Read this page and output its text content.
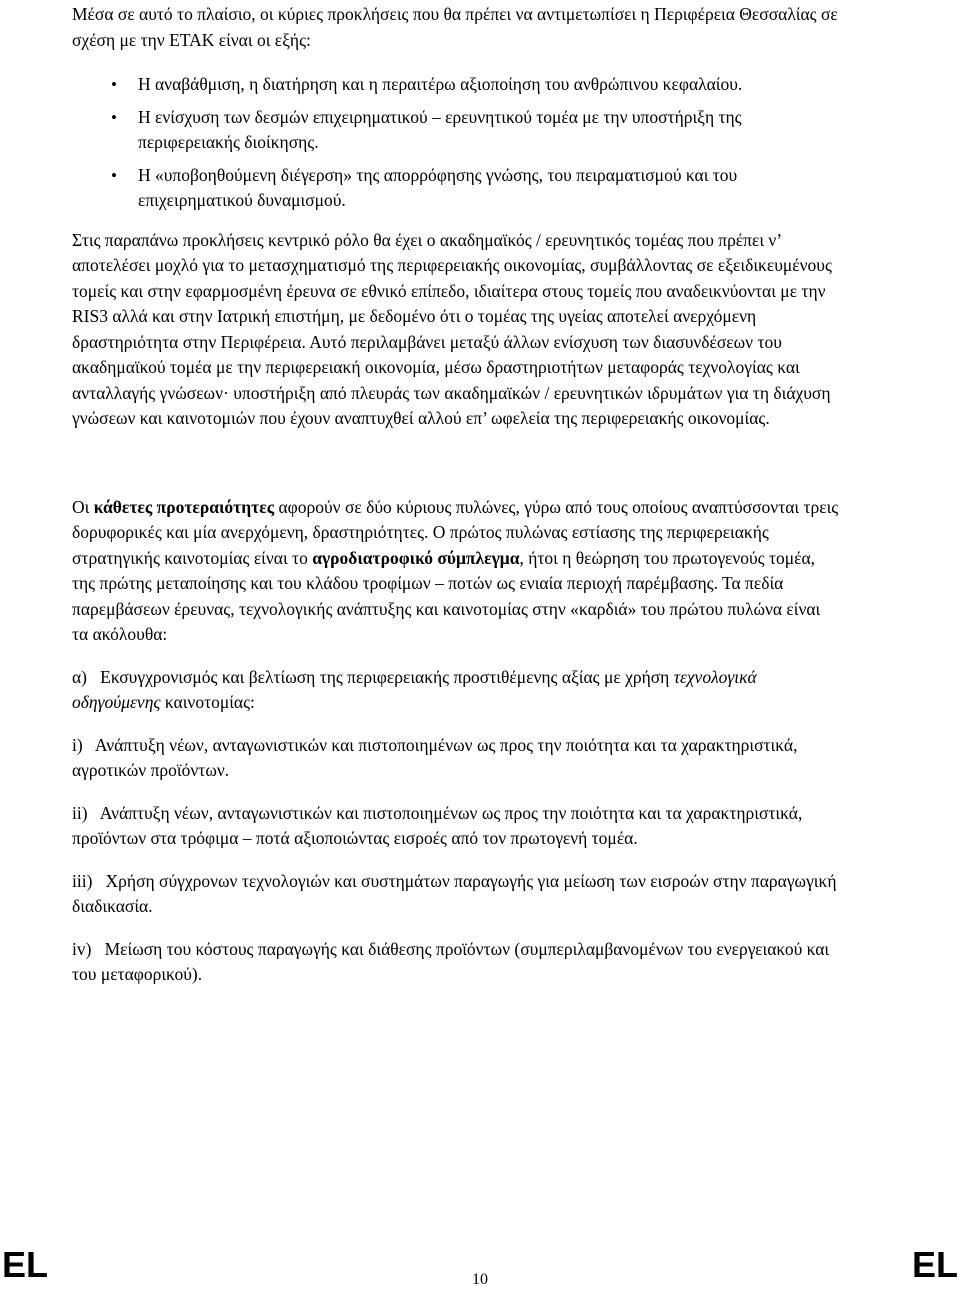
Μέσα σε αυτό το πλαίσιο, οι κύριες προκλήσεις που θα πρέπει να αντιμετωπίσει η Περιφέρεια Θεσσαλίας σε σχέση με την ΕΤΑΚ είναι οι εξής:

• Η αναβάθμιση, η διατήρηση και η περαιτέρω αξιοποίηση του ανθρώπινου κεφαλαίου.
• Η ενίσχυση των δεσμών επιχειρηματικού – ερευνητικού τομέα με την υποστήριξη της περιφερειακής διοίκησης.
• Η «υποβοηθούμενη διέγερση» της απορρόφησης γνώσης, του πειραματισμού και του επιχειρηματικού δυναμισμού.

Στις παραπάνω προκλήσεις κεντρικό ρόλο θα έχει ο ακαδημαϊκός / ερευνητικός τομέας που πρέπει ν’ αποτελέσει μοχλό για το μετασχηματισμό της περιφερειακής οικονομίας, συμβάλλοντας σε εξειδικευμένους τομείς και στην εφαρμοσμένη έρευνα σε εθνικό επίπεδο, ιδιαίτερα στους τομείς που αναδεικνύονται με την RIS3 αλλά και στην Ιατρική επιστήμη, με δεδομένο ότι ο τομέας της υγείας αποτελεί ανερχόμενη δραστηριότητα στην Περιφέρεια. Αυτό περιλαμβάνει μεταξύ άλλων ενίσχυση των διασυνδέσεων του ακαδημαϊκού τομέα με την περιφερειακή οικονομία, μέσω δραστηριοτήτων μεταφοράς τεχνολογίας και ανταλλαγής γνώσεων· υποστήριξη από πλευράς των ακαδημαϊκών / ερευνητικών ιδρυμάτων για τη διάχυση γνώσεων και καινοτομιών που έχουν αναπτυχθεί αλλού επ’ ωφελεία της περιφερειακής οικονομίας.

Οι κάθετες προτεραιότητες αφορούν σε δύο κύριους πυλώνες, γύρω από τους οποίους αναπτύσσονται τρεις δορυφορικές και μία ανερχόμενη, δραστηριότητες. Ο πρώτος πυλώνας εστίασης της περιφερειακής στρατηγικής καινοτομίας είναι το αγροδιατροφικό σύμπλεγμα, ήτοι η θεώρηση του πρωτογενούς τομέα, της πρώτης μεταποίησης και του κλάδου τροφίμων – ποτών ως ενιαία περιοχή παρέμβασης. Τα πεδία παρεμβάσεων έρευνας, τεχνολογικής ανάπτυξης και καινοτομίας στην «καρδιά» του πρώτου πυλώνα είναι τα ακόλουθα:

α) Εκσυγχρονισμός και βελτίωση της περιφερειακής προστιθέμενης αξίας με χρήση τεχνολογικά οδηγούμενης καινοτομίας:

i) Ανάπτυξη νέων, ανταγωνιστικών και πιστοποιημένων ως προς την ποιότητα και τα χαρακτηριστικά, αγροτικών προϊόντων.

ii) Ανάπτυξη νέων, ανταγωνιστικών και πιστοποιημένων ως προς την ποιότητα και τα χαρακτηριστικά, προϊόντων στα τρόφιμα – ποτά αξιοποιώντας εισροές από τον πρωτογενή τομέα.

iii) Χρήση σύγχρονων τεχνολογιών και συστημάτων παραγωγής για μείωση των εισροών στην παραγωγική διαδικασία.

iv) Μείωση του κόστους παραγωγής και διάθεσης προϊόντων (συμπεριλαμβανομένων του ενεργειακού και του μεταφορικού).

EL	10	EL
